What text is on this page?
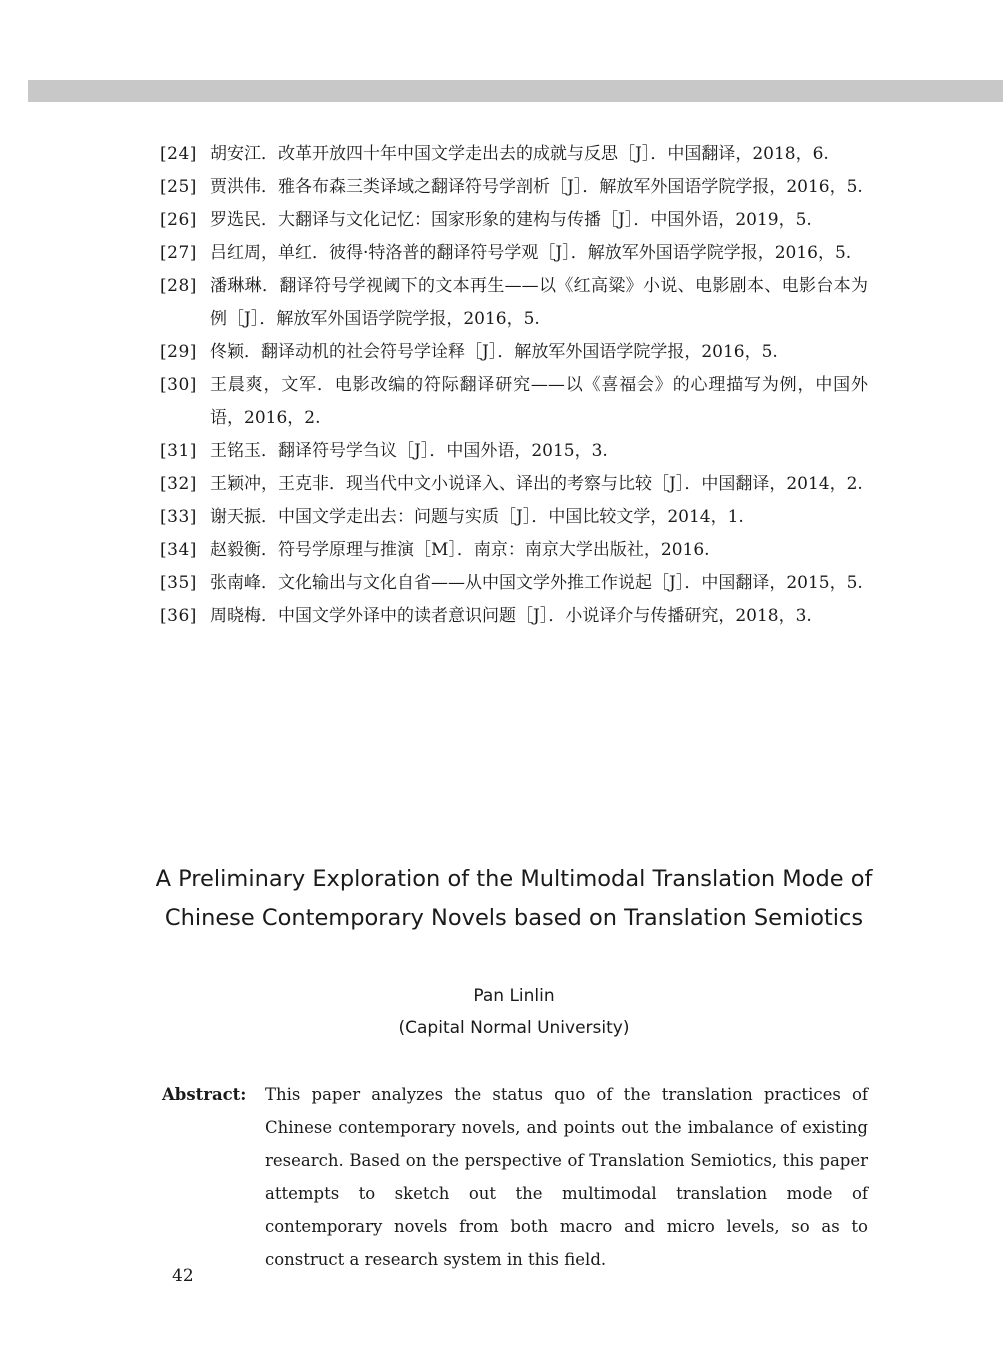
[24] 胡安江．改革开放四十年中国文学走出去的成就与反思［J］．中国翻译，2018，6.
[25] 贾洪伟．雅各布森三类译域之翻译符号学剖析［J］．解放军外国语学院学报，2016，5.
[26] 罗选民．大翻译与文化记忆：国家形象的建构与传播［J］．中国外语，2019，5.
[27] 吕红周，单红．彼得·特洛普的翻译符号学观［J］．解放军外国语学院学报，2016，5.
[28] 潘琳琳．翻译符号学视阈下的文本再生——以《红高粱》小说、电影剧本、电影台本为例［J］．解放军外国语学院学报，2016，5.
[29] 佟颖．翻译动机的社会符号学诠释［J］．解放军外国语学院学报，2016，5.
[30] 王晨爽，文军．电影改编的符际翻译研究——以《喜福会》的心理描写为例，中国外语，2016，2.
[31] 王铭玉．翻译符号学刍议［J］．中国外语，2015，3.
[32] 王颖冲，王克非．现当代中文小说译入、译出的考察与比较［J］．中国翻译，2014，2.
[33] 谢天振．中国文学走出去：问题与实质［J］．中国比较文学，2014，1.
[34] 赵毅衡．符号学原理与推演［M］．南京：南京大学出版社，2016.
[35] 张南峰．文化输出与文化自省——从中国文学外推工作说起［J］．中国翻译，2015，5.
[36] 周晓梅．中国文学外译中的读者意识问题［J］．小说译介与传播研究，2018，3.
A Preliminary Exploration of the Multimodal Translation Mode of
Chinese Contemporary Novels based on Translation Semiotics
Pan Linlin
(Capital Normal University)
Abstract: This paper analyzes the status quo of the translation practices of Chinese contemporary novels, and points out the imbalance of existing research. Based on the perspective of Translation Semiotics, this paper attempts to sketch out the multimodal translation mode of contemporary novels from both macro and micro levels, so as to construct a research system in this field.
42
